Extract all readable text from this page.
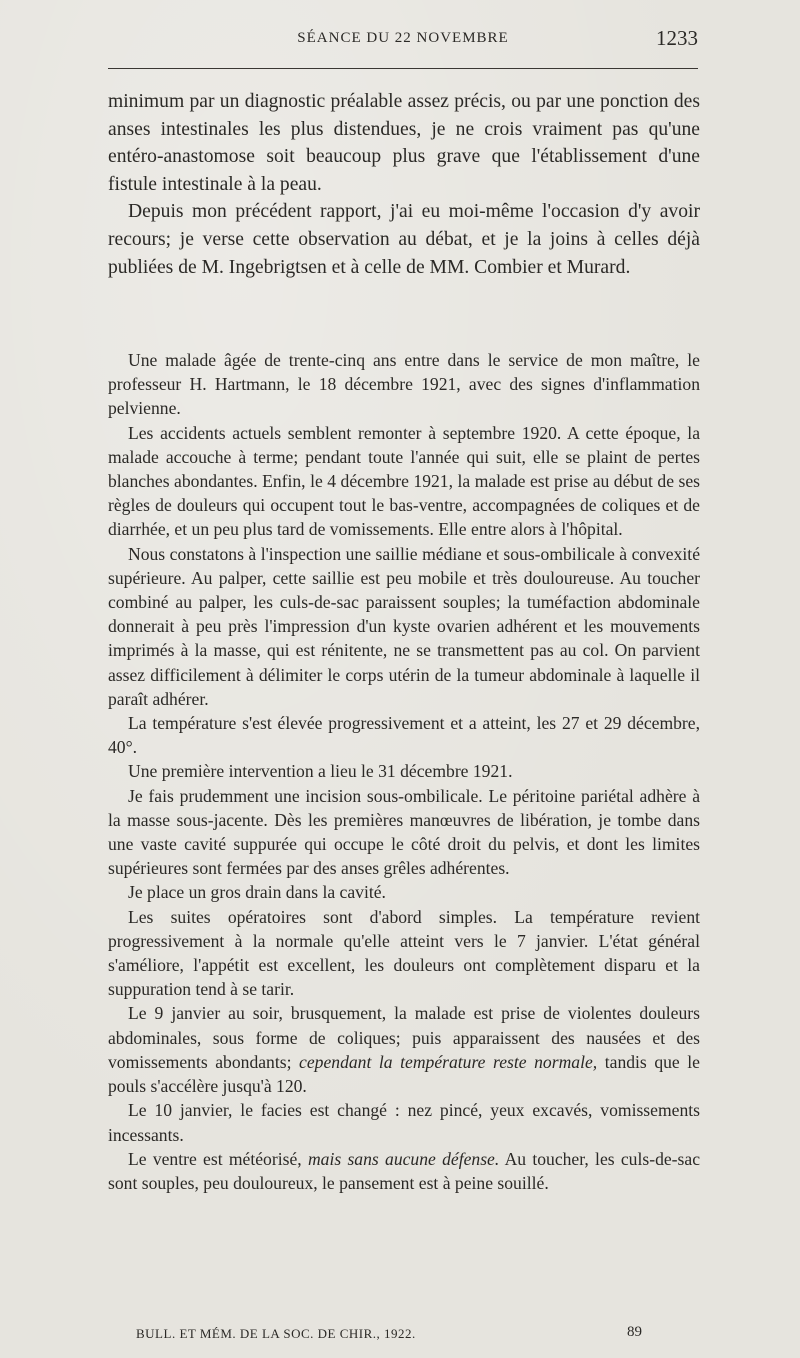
SÉANCE DU 22 NOVEMBRE	1233

minimum par un diagnostic préalable assez précis, ou par une ponction des anses intestinales les plus distendues, je ne crois vraiment pas qu'une entéro-anastomose soit beaucoup plus grave que l'établissement d'une fistule intestinale à la peau.

Depuis mon précédent rapport, j'ai eu moi-même l'occasion d'y avoir recours; je verse cette observation au débat, et je la joins à celles déjà publiées de M. Ingebrigtsen et à celle de MM. Combier et Murard.

Une malade âgée de trente-cinq ans entre dans le service de mon maître, le professeur H. Hartmann, le 18 décembre 1921, avec des signes d'inflammation pelvienne.

Les accidents actuels semblent remonter à septembre 1920. A cette époque, la malade accouche à terme; pendant toute l'année qui suit, elle se plaint de pertes blanches abondantes. Enfin, le 4 décembre 1921, la malade est prise au début de ses règles de douleurs qui occupent tout le bas-ventre, accompagnées de coliques et de diarrhée, et un peu plus tard de vomissements. Elle entre alors à l'hôpital.

Nous constatons à l'inspection une saillie médiane et sous-ombilicale à convexité supérieure. Au palper, cette saillie est peu mobile et très douloureuse. Au toucher combiné au palper, les culs-de-sac paraissent souples; la tuméfaction abdominale donnerait à peu près l'impression d'un kyste ovarien adhérent et les mouvements imprimés à la masse, qui est rénitente, ne se transmettent pas au col. On parvient assez difficilement à délimiter le corps utérin de la tumeur abdominale à laquelle il paraît adhérer.

La température s'est élevée progressivement et a atteint, les 27 et 29 décembre, 40°.

Une première intervention a lieu le 31 décembre 1921.

Je fais prudemment une incision sous-ombilicale. Le péritoine pariétal adhère à la masse sous-jacente. Dès les premières manœuvres de libération, je tombe dans une vaste cavité suppurée qui occupe le côté droit du pelvis, et dont les limites supérieures sont fermées par des anses grêles adhérentes.

Je place un gros drain dans la cavité.

Les suites opératoires sont d'abord simples. La température revient progressivement à la normale qu'elle atteint vers le 7 janvier. L'état général s'améliore, l'appétit est excellent, les douleurs ont complètement disparu et la suppuration tend à se tarir.

Le 9 janvier au soir, brusquement, la malade est prise de violentes douleurs abdominales, sous forme de coliques; puis apparaissent des nausées et des vomissements abondants; cependant la température reste normale, tandis que le pouls s'accélère jusqu'à 120.

Le 10 janvier, le facies est changé : nez pincé, yeux excavés, vomissements incessants.

Le ventre est météorisé, mais sans aucune défense. Au toucher, les culs-de-sac sont souples, peu douloureux, le pansement est à peine souillé.

BULL. ET MÉM. DE LA SOC. DE CHIR., 1922.	89
